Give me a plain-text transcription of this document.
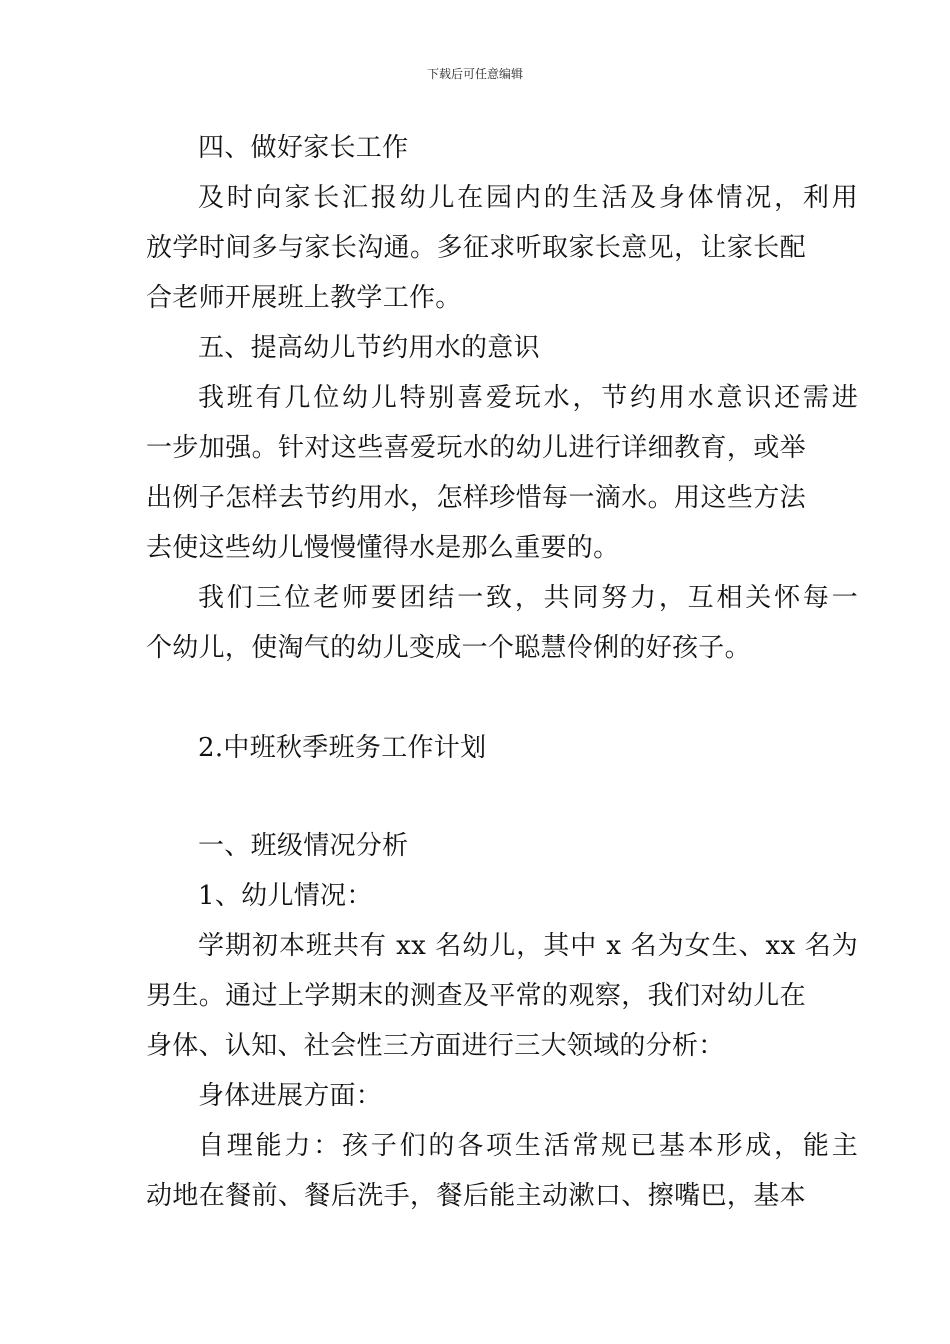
下载后可任意编辑
四、做好家长工作
及时向家长汇报幼儿在园内的生活及身体情况，利用
放学时间多与家长沟通。多征求听取家长意见，让家长配
合老师开展班上教学工作。
五、提高幼儿节约用水的意识
我班有几位幼儿特别喜爱玩水，节约用水意识还需进
一步加强。针对这些喜爱玩水的幼儿进行详细教育，或举
出例子怎样去节约用水，怎样珍惜每一滴水。用这些方法
去使这些幼儿慢慢懂得水是那么重要的。
我们三位老师要团结一致，共同努力，互相关怀每一
个幼儿，使淘气的幼儿变成一个聪慧伶俐的好孩子。
2.中班秋季班务工作计划
一、班级情况分析
1、幼儿情况：
学期初本班共有 xx 名幼儿，其中 x 名为女生、xx 名为
男生。通过上学期末的测查及平常的观察，我们对幼儿在
身体、认知、社会性三方面进行三大领域的分析：
身体进展方面：
自理能力：孩子们的各项生活常规已基本形成，能主
动地在餐前、餐后洗手，餐后能主动漱口、擦嘴巴，基本
